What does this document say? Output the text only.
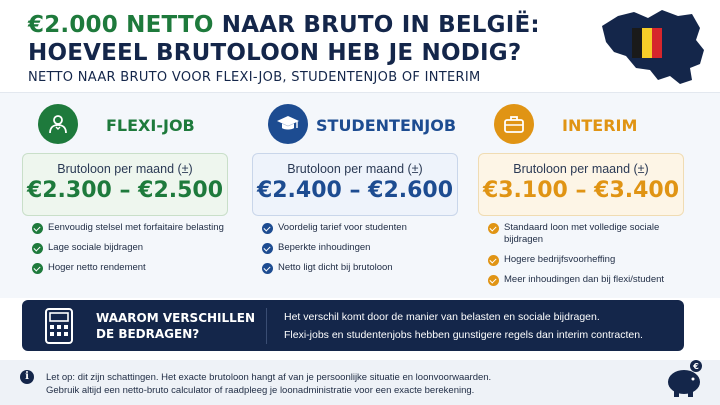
€2.000 NETTO NAAR BRUTO IN BELGIË:
HOEVEEL BRUTOLOON HEB JE NODIG?
NETTO NAAR BRUTO VOOR FLEXI-JOB, STUDENTENJOB OF INTERIM
FLEXI-JOB
Brutoloon per maand (±)
€2.300 – €2.500
Eenvoudig stelsel met forfaitaire belasting
Lage sociale bijdragen
Hoger netto rendement
STUDENTENJOB
Brutoloon per maand (±)
€2.400 – €2.600
Voordelig tarief voor studenten
Beperkte inhoudingen
Netto ligt dicht bij brutoloon
INTERIM
Brutoloon per maand (±)
€3.100 – €3.400
Standaard loon met volledige sociale bijdragen
Hogere bedrijfsvoorheffing
Meer inhoudingen dan bij flexi/student
WAAROM VERSCHILLEN DE BEDRAGEN?
Het verschil komt door de manier van belasten en sociale bijdragen.
Flexi-jobs en studentenjobs hebben gunstigere regels dan interim contracten.
i	Let op: dit zijn schattingen. Het exacte brutoloon hangt af van je persoonlijke situatie en loonvoorwaarden.
Gebruik altijd een netto-bruto calculator of raadpleeg je loonadministratie voor een exacte berekening.
€
